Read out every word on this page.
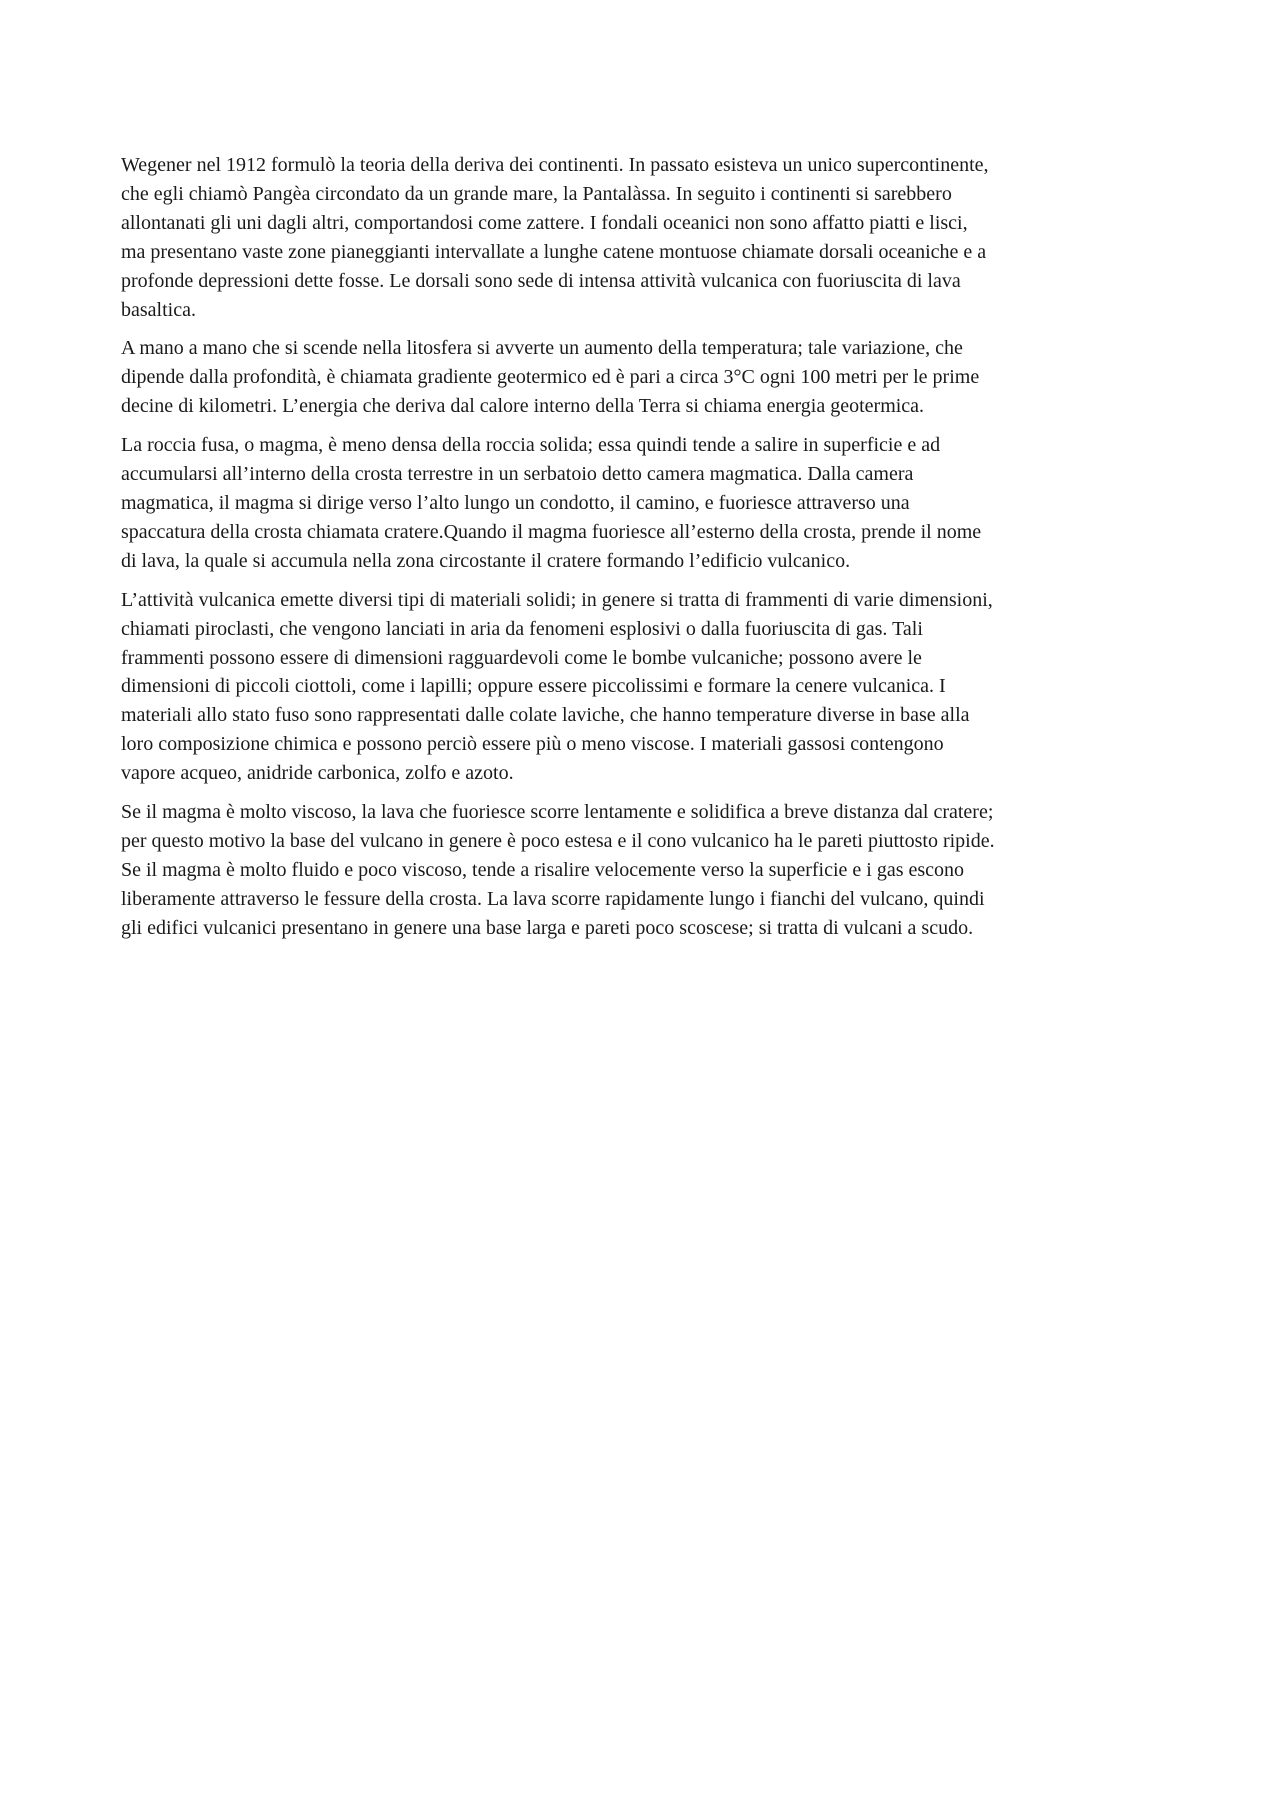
Wegener nel 1912 formulò la teoria della deriva dei continenti. In passato esisteva un unico supercontinente,
che egli chiamò Pangèa circondato da un grande mare, la Pantalàssa. In seguito i continenti si sarebbero
allontanati gli uni dagli altri, comportandosi come zattere. I fondali oceanici non sono affatto piatti e lisci,
ma presentano vaste zone pianeggianti intervallate a lunghe catene montuose chiamate dorsali oceaniche e a
profonde depressioni dette fosse. Le dorsali sono sede di intensa attività vulcanica con fuoriuscita di lava
basaltica.

A mano a mano che si scende nella litosfera si avverte un aumento della temperatura; tale variazione, che
dipende dalla profondità, è chiamata gradiente geotermico ed è pari a circa 3°C ogni 100 metri per le prime
decine di kilometri. L’energia che deriva dal calore interno della Terra si chiama energia geotermica.

La roccia fusa, o magma, è meno densa della roccia solida; essa quindi tende a salire in superficie e ad
accumularsi all’interno della crosta terrestre in un serbatoio detto camera magmatica. Dalla camera
magmatica, il magma si dirige verso l’alto lungo un condotto, il camino, e fuoriesce attraverso una
spaccatura della crosta chiamata cratere.Quando il magma fuoriesce all’esterno della crosta, prende il nome
di lava, la quale si accumula nella zona circostante il cratere formando l’edificio vulcanico.

L’attività vulcanica emette diversi tipi di materiali solidi; in genere si tratta di frammenti di varie dimensioni,
chiamati piroclasti, che vengono lanciati in aria da fenomeni esplosivi o dalla fuoriuscita di gas. Tali
frammenti possono essere di dimensioni ragguardevoli come le bombe vulcaniche; possono avere le
dimensioni di piccoli ciottoli, come i lapilli; oppure essere piccolissimi e formare la cenere vulcanica. I
materiali allo stato fuso sono rappresentati dalle colate laviche, che hanno temperature diverse in base alla
loro composizione chimica e possono perciò essere più o meno viscose. I materiali gassosi contengono
vapore acqueo, anidride carbonica, zolfo e azoto.

Se il magma è molto viscoso, la lava che fuoriesce scorre lentamente e solidifica a breve distanza dal cratere;
per questo motivo la base del vulcano in genere è poco estesa e il cono vulcanico ha le pareti piuttosto ripide.
Se il magma è molto fluido e poco viscoso, tende a risalire velocemente verso la superficie e i gas escono
liberamente attraverso le fessure della crosta. La lava scorre rapidamente lungo i fianchi del vulcano, quindi
gli edifici vulcanici presentano in genere una base larga e pareti poco scoscese; si tratta di vulcani a scudo.
